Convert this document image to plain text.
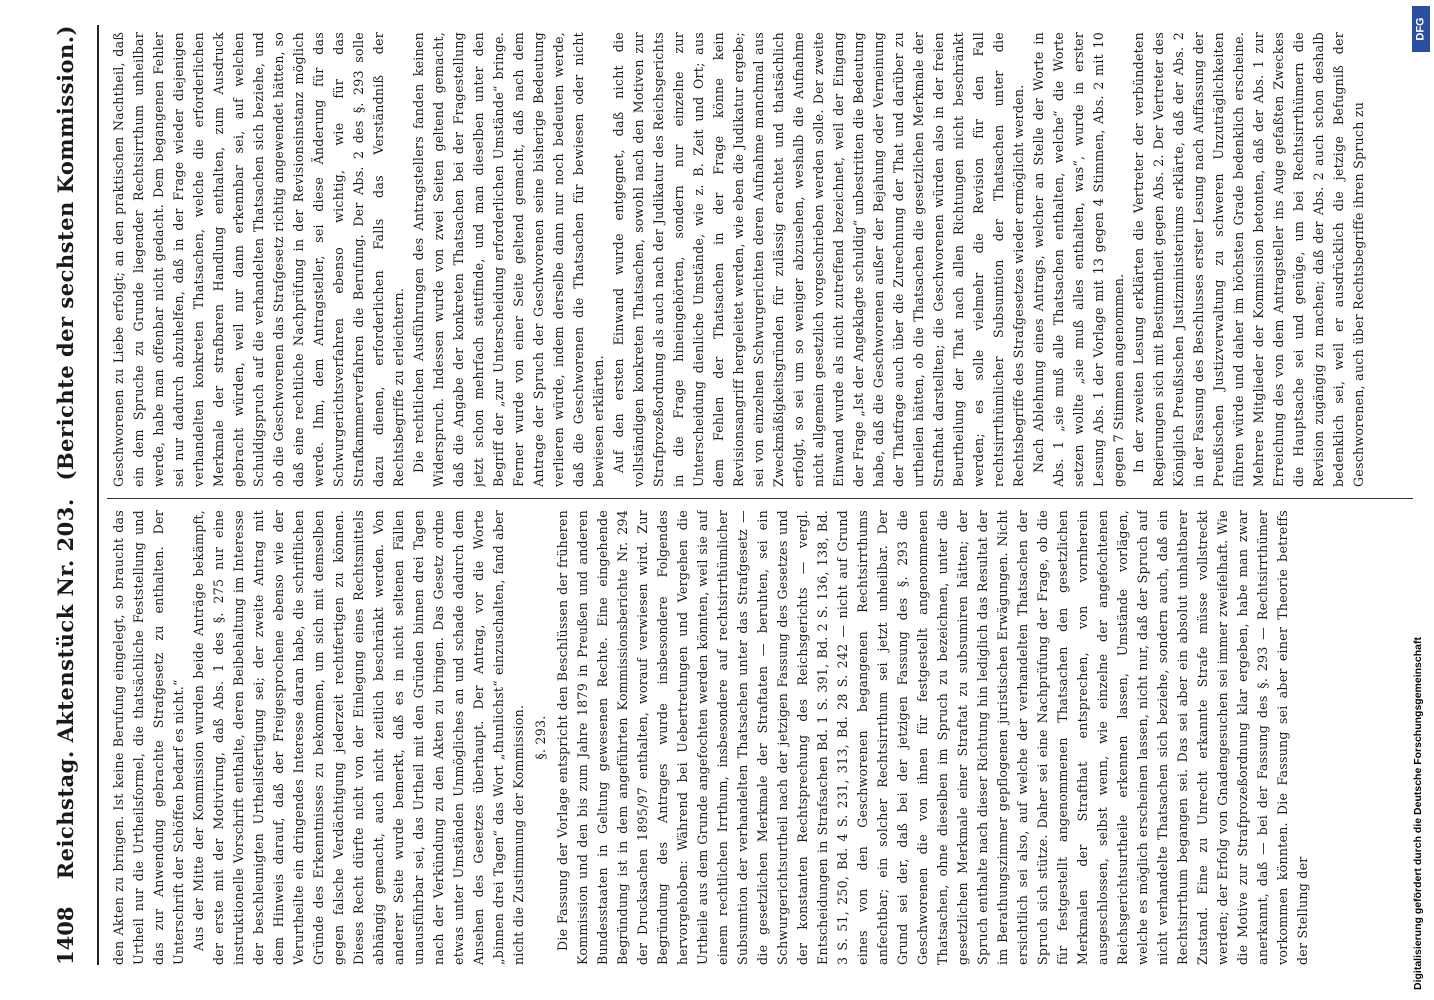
1408
Reichstag. Aktenstück Nr. 203. (Berichte der sechsten Kommission.)

den Akten zu bringen. Ist keine Berufung eingelegt, so braucht das Urtheil nur die Urtheilsformel, die thatsächliche Feststellung und das zur Anwendung gebrachte Strafgesetz zu enthalten. Der Unterschrift der Schöffen bedarf es nicht.“ Aus der Mitte der Kommission wurden beide Anträge bekämpft, der erste mit der Motivirung, daß Abs. 1 des §. 275 nur eine instruktionelle Vorschrift enthalte, deren Beibehaltung im Interesse der beschleunigten Urtheilsfertigung sei; der zweite Antrag mit dem Hinweis darauf, daß der Freigesprochene ebenso wie der Verurtheilte ein dringendes Interesse daran habe, die schriftlichen Gründe des Erkenntnisses zu bekommen, um sich mit demselben gegen falsche Verdächtigung jederzeit rechtfertigen zu können. Dieses Recht dürfte nicht von der Einlegung eines Rechtsmittels abhängig gemacht, auch nicht zeitlich beschränkt werden. Von anderer Seite wurde bemerkt, daß es in nicht seltenen Fällen unausführbar sei, das Urtheil mit den Gründen binnen drei Tagen nach der Verkündung zu den Akten zu bringen. Das Gesetz ordne etwas unter Umständen Unmögliches an und schade dadurch dem Ansehen des Gesetzes überhaupt. Der Antrag, vor die Worte „binnen drei Tagen“ das Wort „thunlichst“ einzuschalten, fand aber nicht die Zustimmung der Kommission. §. 293. Die Fassung der Vorlage entspricht den Beschlüssen der früheren Kommission und den bis zum Jahre 1879 in Preußen und anderen Bundesstaaten in Geltung gewesenen Rechte. Eine eingehende Begründung ist in dem angeführten Kommissionsberichte Nr. 294 der Drucksachen 1895/97 enthalten, worauf verwiesen wird. Zur Begründung des Antrages wurde insbesondere Folgendes hervorgehoben: Während bei Uebertretungen und Vergehen die Urtheile aus dem Grunde angefochten werden könnten, weil sie auf einem rechtlichen Irrthum, insbesondere auf rechtsirrthümlicher Subsumtion der verhandelten Thatsachen unter das Strafgesetz — die gesetzlichen Merkmale der Straftaten — beruhten, sei ein Schwurgerichtsurtheil nach der jetzigen Fassung des Gesetzes und der konstanten Rechtsprechung des Reichsgerichts — vergl. Entscheidungen in Strafsachen Bd. 1 S. 391, Bd. 2 S. 136, 138, Bd. 3 S. 51, 250, Bd. 4 S. 231, 313, Bd. 28 S. 242 — nicht auf Grund eines von den Geschworenen begangenen Rechtsirrthums anfechtbar; ein solcher Rechtsirrthum sei jetzt unheilbar. Der Grund sei der, daß bei der jetzigen Fassung des §. 293 die Geschworenen die von ihnen für festgestellt angenommenen Thatsachen, ohne dieselben im Spruch zu bezeichnen, unter die gesetzlichen Merkmale einer Straftat zu subsumiren hätten; der Spruch enthalte nach dieser Richtung hin lediglich das Resultat der im Berathungszimmer gepflogenen juristischen Erwägungen. Nicht ersichtlich sei also, auf welche der verhandelten Thatsachen der Spruch sich stütze. Daher sei eine Nachprüfung der Frage, ob die für festgestellt angenommenen Thatsachen den gesetzlichen Merkmalen der Strafthat entsprechen, von vornherein ausgeschlossen, selbst wenn, wie einzelne der angefochtenen Reichsgerichtsurtheile erkennen lassen, Umstände vorlägen, welche es möglich erscheinen lassen, nicht nur, daß der Spruch auf nicht verhandelte Thatsachen sich beziehe, sondern auch, daß ein Rechtsirrthum begangen sei. Das sei aber ein absolut unhaltbarer Zustand. Eine zu Unrecht erkannte Strafe müsse vollstreckt werden; der Erfolg von Gnadengesuchen sei immer zweifelhaft. Wie die Motive zur Strafprozeßordnung klar ergeben, habe man zwar anerkannt, daß — bei der Fassung des §. 293 — Rechtsirrthümer vorkommen könnten. Die Fassung sei aber einer Theorie betreffs der Stellung der

Geschworenen zu Liebe erfolgt; an den praktischen Nachtheil, daß ein dem Spruche zu Grunde liegender Rechtsirrthum unheilbar werde, habe man offenbar nicht gedacht. Dem begangenen Fehler sei nur dadurch abzuhelfen, daß in der Frage wieder diejenigen verhandelten konkreten Thatsachen, welche die erforderlichen Merkmale der strafbaren Handlung enthalten, zum Ausdruck gebracht würden, weil nur dann erkennbar sei, auf welchen Schuldigspruch auf die verhandelten Thatsachen sich beziehe, und ob die Geschworenen das Strafgesetz richtig angewendet hätten, so daß eine rechtliche Nachprüfung in der Revisionsinstanz möglich werde. Ihm, dem Antragsteller, sei diese Änderung für das Schwurgerichtsverfahren ebenso wichtig, wie für das Strafkammerverfahren die Berufung. Der Abs. 2 des §. 293 solle dazu dienen, erforderlichen Falls das Verständniß der Rechtsbegriffe zu erleichtern. Die rechtlichen Ausführungen des Antragstellers fanden keinen Widerspruch. Indessen wurde von zwei Seiten geltend gemacht, daß die Angabe der konkreten Thatsachen bei der Fragestellung jetzt schon mehrfach stattfinde, und man dieselben unter den Begriff der „zur Unterscheidung erforderlichen Umstände“ bringe. Ferner wurde von einer Seite geltend gemacht, daß nach dem Antrage der Spruch der Geschworenen seine bisherige Bedeutung verlieren würde, indem derselbe dann nur noch bedeuten werde, daß die Geschworenen die Thatsachen für bewiesen oder nicht bewiesen erklärten. Auf den ersten Einwand wurde entgegnet, daß nicht die vollständigen konkreten Thatsachen, sowohl nach den Motiven zur Strafprozeßordnung als auch nach der Judikatur des Reichsgerichts in die Frage hineingehörten, sondern nur einzelne zur Unterscheidung dienliche Umstände, wie z. B. Zeit und Ort; aus dem Fehlen der Thatsachen in der Frage könne kein Revisionsangriff hergeleitet werden, wie eben die Judikatur ergebe; sei von einzelnen Schwurgerichten deren Aufnahme manchmal aus Zweckmäßigkeitsgründen für zulässig erachtet und thatsächlich erfolgt, so sei um so weniger abzusehen, weshalb die Aufnahme nicht allgemein gesetzlich vorgeschrieben werden solle. Der zweite Einwand wurde als nicht zutreffend bezeichnet, weil der Eingang der Frage „Ist der Angeklagte schuldig“ unbestritten die Bedeutung habe, daß die Geschworenen außer der Bejahung oder Verneinung der Thatfrage auch über die Zurechnung der That und darüber zu urtheilen hätten, ob die Thatsachen die gesetzlichen Merkmale der Strafthat darstellten; die Geschworenen würden also in der freien Beurtheilung der That nach allen Richtungen nicht beschränkt werden; es solle vielmehr die Revision für den Fall rechtsirrthümlicher Subsumtion der Thatsachen unter die Rechtsbegriffe des Strafgesetzes wieder ermöglicht werden. Nach Ablehnung eines Antrags, welcher an Stelle der Worte in Abs. 1 „sie muß alle Thatsachen enthalten, welche“ die Worte setzen wollte „sie muß alles enthalten, was“, wurde in erster Lesung Abs. 1 der Vorlage mit 13 gegen 4 Stimmen, Abs. 2 mit 10 gegen 7 Stimmen angenommen. In der zweiten Lesung erklärten die Vertreter der verbündeten Regierungen sich mit Bestimmtheit gegen Abs. 2. Der Vertreter des Königlich Preußischen Justizministeriums erklärte, daß der Abs. 2 in der Fassung des Beschlusses erster Lesung nach Auffassung der Preußischen Justizverwaltung zu schweren Unzuträglichkeiten führen würde und daher im höchsten Grade bedenklich erscheine. Mehrere Mitglieder der Kommission betonten, daß der Abs. 1 zur Erreichung des von dem Antragsteller ins Auge gefaßten Zweckes die Hauptsache sei und genüge, um bei Rechtsirrthümern die Revision zugängig zu machen; daß der Abs. 2 auch schon deshalb bedenklich sei, weil er ausdrücklich die jetzige Befugniß der Geschworenen, auch über Rechtsbegriffe ihren Spruch zu

DFG
Digitalisierung gefördert durch die Deutsche Forschungsgemeinschaft
